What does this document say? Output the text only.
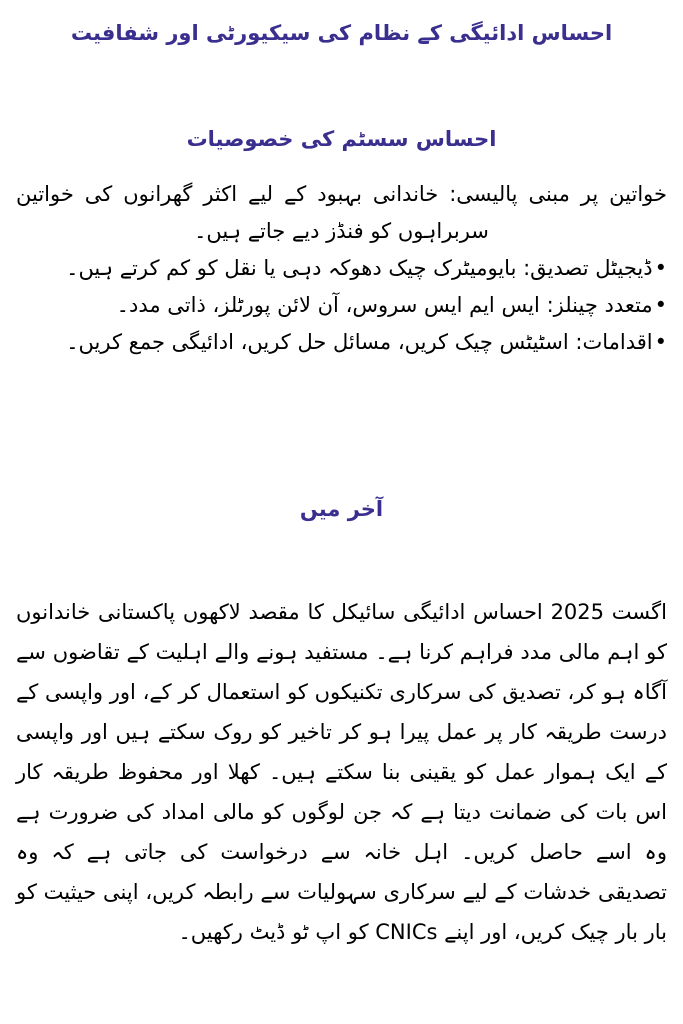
احساس ادائیگی کے نظام کی سیکیورٹی اور شفافیت
احساس سسٹم کی خصوصیات

خواتین پر مبنی پالیسی: خاندانی بہبود کے لیے اکثر گھرانوں کی خواتین سربراہوں کو فنڈز دیے جاتے ہیں۔

•ڈیجیٹل تصدیق: بایومیٹرک چیک دھوکہ دہی یا نقل کو کم کرتے ہیں۔
•متعدد چینلز: ایس ایم ایس سروس، آن لائن پورٹلز، ذاتی مدد۔
•اقدامات: اسٹیٹس چیک کریں، مسائل حل کریں، ادائیگی جمع کریں۔
آخر میں

اگست 2025 احساس ادائیگی سائیکل کا مقصد لاکھوں پاکستانی خاندانوں کو اہم مالی مدد فراہم کرنا ہے۔ مستفید ہونے والے اہلیت کے تقاضوں سے آگاہ ہو کر، تصدیق کی سرکاری تکنیکوں کو استعمال کر کے، اور واپسی کے درست طریقہ کار پر عمل پیرا ہو کر تاخیر کو روک سکتے ہیں اور واپسی کے ایک ہموار عمل کو یقینی بنا سکتے ہیں۔ کھلا اور محفوظ طریقہ کار اس بات کی ضمانت دیتا ہے کہ جن لوگوں کو مالی امداد کی ضرورت ہے وہ اسے حاصل کریں۔ اہل خانہ سے درخواست کی جاتی ہے کہ وہ تصدیقی خدشات کے لیے سرکاری سہولیات سے رابطہ کریں، اپنی حیثیت کو بار بار چیک کریں، اور اپنے CNICs کو اپ ٹو ڈیٹ رکھیں۔
